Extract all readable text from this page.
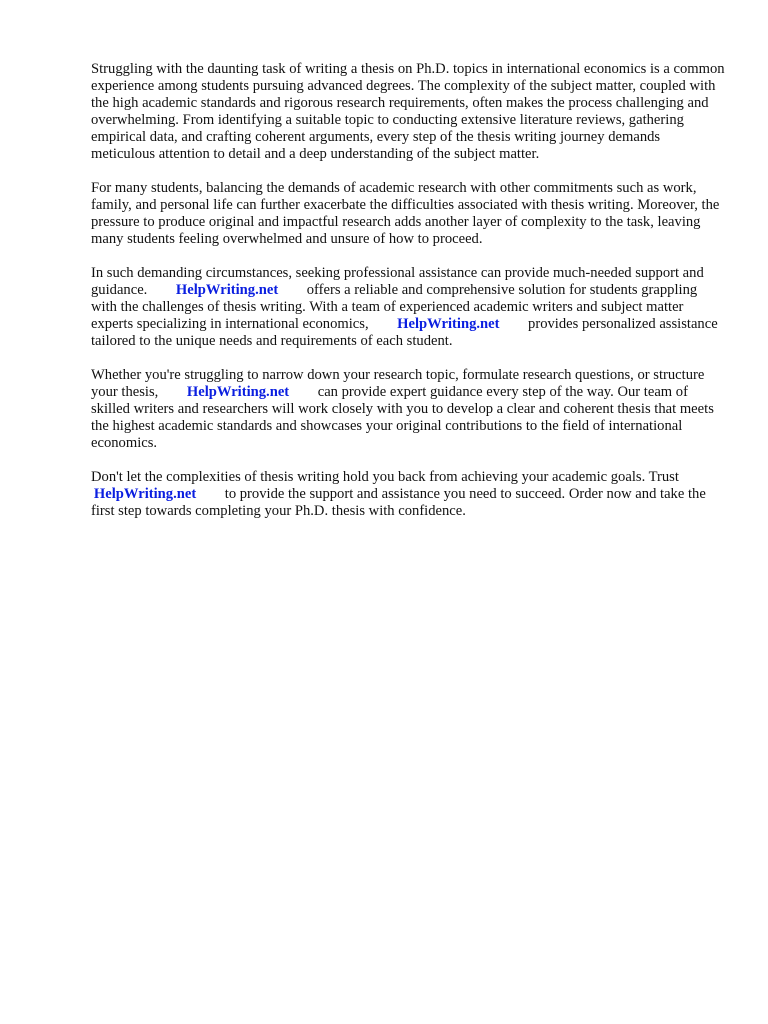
Struggling with the daunting task of writing a thesis on Ph.D. topics in international economics is a common experience among students pursuing advanced degrees. The complexity of the subject matter, coupled with the high academic standards and rigorous research requirements, often makes the process challenging and overwhelming. From identifying a suitable topic to conducting extensive literature reviews, gathering empirical data, and crafting coherent arguments, every step of the thesis writing journey demands meticulous attention to detail and a deep understanding of the subject matter.

For many students, balancing the demands of academic research with other commitments such as work, family, and personal life can further exacerbate the difficulties associated with thesis writing. Moreover, the pressure to produce original and impactful research adds another layer of complexity to the task, leaving many students feeling overwhelmed and unsure of how to proceed.

In such demanding circumstances, seeking professional assistance can provide much-needed support and guidance. HelpWriting.net offers a reliable and comprehensive solution for students grappling with the challenges of thesis writing. With a team of experienced academic writers and subject matter experts specializing in international economics, HelpWriting.net provides personalized assistance tailored to the unique needs and requirements of each student.

Whether you're struggling to narrow down your research topic, formulate research questions, or structure your thesis, HelpWriting.net can provide expert guidance every step of the way. Our team of skilled writers and researchers will work closely with you to develop a clear and coherent thesis that meets the highest academic standards and showcases your original contributions to the field of international economics.

Don't let the complexities of thesis writing hold you back from achieving your academic goals. Trust HelpWriting.net to provide the support and assistance you need to succeed. Order now and take the first step towards completing your Ph.D. thesis with confidence.
